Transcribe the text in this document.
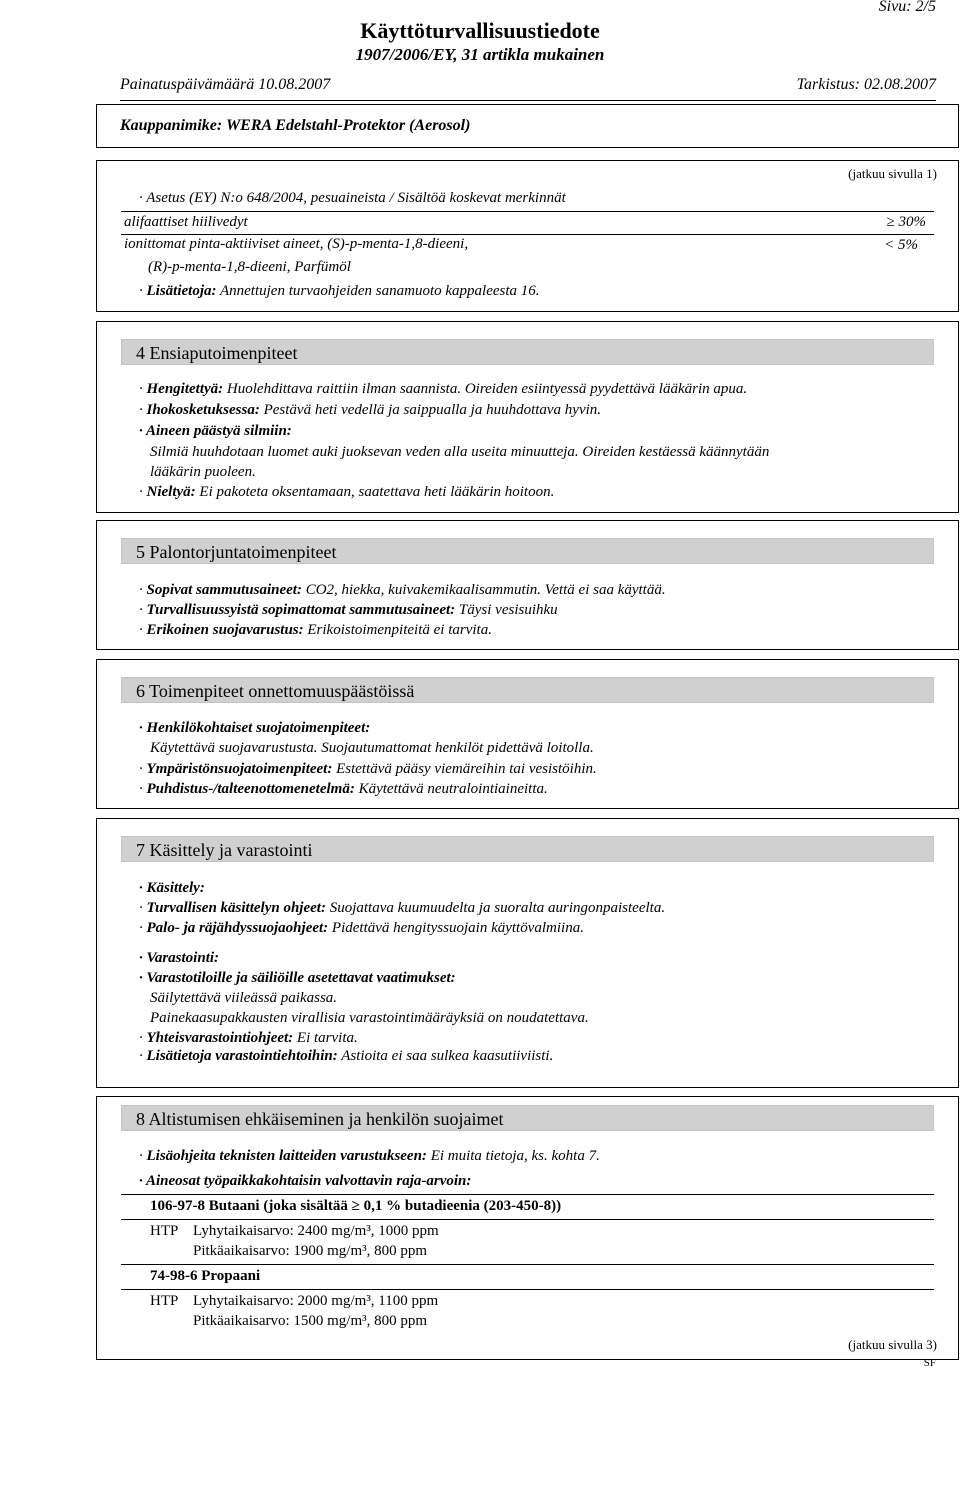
Sivu: 2/5
Käyttöturvallisuustiedote
1907/2006/EY, 31 artikla mukainen
Painatuspäivämäärä 10.08.2007	Tarkistus: 02.08.2007
Kauppanimike: WERA Edelstahl-Protektor (Aerosol)
(jatkuu sivulla 1)
· Asetus (EY) N:o 648/2004, pesuaineista / Sisältöä koskevat merkinnät
alifaattiset hiilivedyt	≥ 30%
ionittomat pinta-aktiiviset aineet, (S)-p-menta-1,8-dieeni,	< 5%
(R)-p-menta-1,8-dieeni, Parfümöl
· Lisätietoja: Annettujen turvaohjeiden sanamuoto kappaleesta 16.
4 Ensiaputoimenpiteet
· Hengitettyä: Huolehdittava raittiin ilman saannista. Oireiden esiintyessä pyydettävä lääkärin apua.
· Ihokosketuksessa: Pestävä heti vedellä ja saippualla ja huuhdottava hyvin.
· Aineen päästyä silmiin:
Silmiä huuhdotaan luomet auki juoksevan veden alla useita minuutteja. Oireiden kestäessä käännytään
lääkärin puoleen.
· Nieltyä: Ei pakoteta oksentamaan, saatettava heti lääkärin hoitoon.
5 Palontorjuntatoimenpiteet
· Sopivat sammutusaineet: CO2, hiekka, kuivakemikaalisammutin. Vettä ei saa käyttää.
· Turvallisuussyistä sopimattomat sammutusaineet: Täysi vesisuihku
· Erikoinen suojavarustus: Erikoistoimenpiteitä ei tarvita.
6 Toimenpiteet onnettomuuspäästöissä
· Henkilökohtaiset suojatoimenpiteet:
Käytettävä suojavarustusta. Suojautumattomat henkilöt pidettävä loitolla.
· Ympäristönsuojatoimenpiteet: Estettävä pääsy viemäreihin tai vesistöihin.
· Puhdistus-/talteenottomenetelmä: Käytettävä neutralointiaineitta.
7 Käsittely ja varastointi
· Käsittely:
· Turvallisen käsittelyn ohjeet: Suojattava kuumuudelta ja suoralta auringonpaisteelta.
· Palo- ja räjähdyssuojaohjeet: Pidettävä hengityssuojain käyttövalmiina.
· Varastointi:
· Varastotiloille ja säiliöille asetettavat vaatimukset:
Säilytettävä viileässä paikassa.
Painekaasupakkausten virallisia varastointimääräyksiä on noudatettava.
· Yhteisvarastointiohjeet: Ei tarvita.
· Lisätietoja varastointiehtoihin: Astioita ei saa sulkea kaasutiiviisti.
8 Altistumisen ehkäiseminen ja henkilön suojaimet
· Lisäohjeita teknisten laitteiden varustukseen: Ei muita tietoja, ks. kohta 7.
· Aineosat työpaikkakohtaisin valvottavin raja-arvoin:
106-97-8 Butaani (joka sisältää ≥ 0,1 % butadieenia (203-450-8))
HTP Lyhytaikaisarvo: 2400 mg/m³, 1000 ppm
Pitkäaikaisarvo: 1900 mg/m³, 800 ppm
74-98-6 Propaani
HTP Lyhytaikaisarvo: 2000 mg/m³, 1100 ppm
Pitkäaikaisarvo: 1500 mg/m³, 800 ppm
(jatkuu sivulla 3)
SF
